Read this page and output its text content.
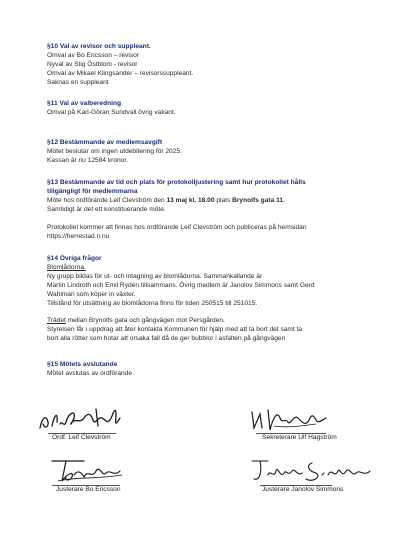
§10 Val av revisor och suppleant.
Omval av Bo Ericsson – revisor
Nyval av Stig Östblom - revisor
Omval av Mikael Klingsander – revisorssuppleant.
Saknas en suppleant
§11 Val av valberedning
Omval på Karl-Göran Sundvall övrig vakant.
§12 Bestämmande av medlemsavgift
Mötet beslutar om ingen utdebitering för 2025.
Kassan är nu 12584 kronor.
§13 Bestämmande av tid och plats för protokolljustering samt hur protokollet hålls
tillgängligt för medlemmarna
Möte hos ordförande Leif Clevström den 13 maj kl. 18.00 plats Brynolfs gata 11.
Samtidigt är det ett konstituerande möte.
Protokollet kommer att finnas hos ordförande Leif Clevström och publiceras på hemsidan
https://herrestad.n.nu
§14 Övriga frågor
Blomlådorna.
Ny grupp bildas för ut- och intagning av blomlådorna. Sammankallande är
Martin Lindroth och Emil Rydén tillsammans. Övrig medlem är Janolov Simmons samt Gerd
Wahlman som köper in växter.
Tillstånd för utsättning av blomlådorna finns för tiden 250515 till 251015.
Trädet mellan Brynolfs gata och gångvägen mot Persgården.
Styrelsen får i uppdrag att åter kontakta Kommunen för hjälp med att ta bort det samt ta
bort alla rötter som hotar att orsaka fall då de ger bubblor i asfalten på gångvägen
§15 Mötets avslutande
Mötet avslutas av ordförande
Ordf. Leif Clevström	Sekreterare Ulf Hagström
Justerare Bo Ericsson	Justerare Janolov Simmons
